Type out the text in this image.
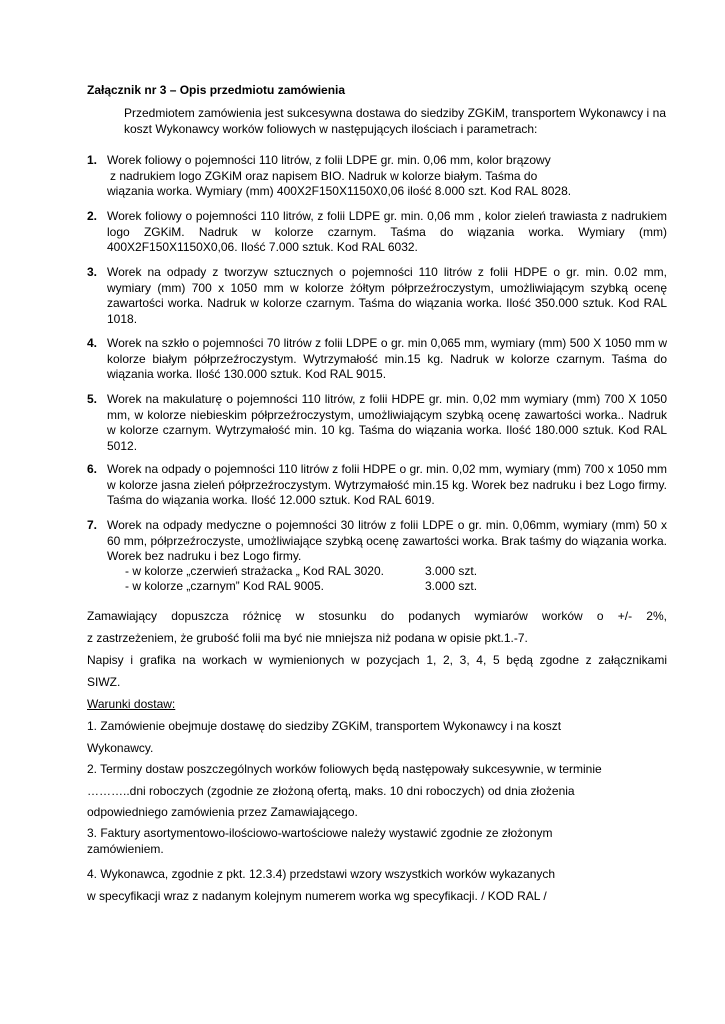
Załącznik nr 3 – Opis przedmiotu zamówienia
Przedmiotem zamówienia jest sukcesywna dostawa do siedziby ZGKiM, transportem Wykonawcy i na koszt Wykonawcy worków foliowych w następujących ilościach i parametrach:
1. Worek foliowy o pojemności 110 litrów, z folii LDPE gr. min. 0,06 mm, kolor brązowy
z nadrukiem logo ZGKiM oraz napisem BIO. Nadruk w kolorze białym. Taśma do
wiązania worka. Wymiary (mm) 400X2F150X1150X0,06 ilość 8.000 szt. Kod RAL 8028.
2. Worek foliowy o pojemności 110 litrów, z folii LDPE gr. min. 0,06 mm , kolor zieleń trawiasta z nadrukiem logo ZGKiM. Nadruk w kolorze czarnym. Taśma do wiązania worka. Wymiary (mm) 400X2F150X1150X0,06. Ilość 7.000 sztuk. Kod RAL 6032.
3. Worek na odpady z tworzyw sztucznych o pojemności 110 litrów z folii HDPE o gr. min. 0.02 mm, wymiary (mm) 700 x 1050 mm w kolorze żółtym półprzeźroczystym, umożliwiającym szybką ocenę zawartości worka. Nadruk w kolorze czarnym. Taśma do wiązania worka. Ilość 350.000 sztuk. Kod RAL 1018.
4. Worek na szkło o pojemności 70 litrów z folii LDPE o gr. min 0,065 mm, wymiary (mm) 500 X 1050 mm w kolorze białym półprzeźroczystym. Wytrzymałość min.15 kg. Nadruk w kolorze czarnym. Taśma do wiązania worka. Ilość 130.000 sztuk. Kod RAL 9015.
5. Worek na makulaturę o pojemności 110 litrów, z folii HDPE gr. min. 0,02 mm wymiary (mm) 700 X 1050 mm, w kolorze niebieskim półprzeźroczystym, umożliwiającym szybką ocenę zawartości worka.. Nadruk w kolorze czarnym. Wytrzymałość min. 10 kg. Taśma do wiązania worka. Ilość 180.000 sztuk. Kod RAL 5012.
6. Worek na odpady o pojemności 110 litrów z folii HDPE o gr. min. 0,02 mm, wymiary (mm) 700 x 1050 mm w kolorze jasna zieleń półprzeźroczystym. Wytrzymałość min.15 kg. Worek bez nadruku i bez Logo firmy. Taśma do wiązania worka. Ilość 12.000 sztuk. Kod RAL 6019.
7. Worek na odpady medyczne o pojemności 30 litrów z folii LDPE o gr. min. 0,06mm, wymiary (mm) 50 x 60 mm, półprzeźroczyste, umożliwiające szybką ocenę zawartości worka. Brak taśmy do wiązania worka. Worek bez nadruku i bez Logo firmy.
- w kolorze „czerwień strażacka „ Kod RAL 3020.	3.000 szt.
- w kolorze „czarnym” Kod RAL 9005.	3.000 szt.
Zamawiający dopuszcza różnicę w stosunku do podanych wymiarów worków o +/- 2%,
z zastrzeżeniem, że grubość folii ma być nie mniejsza niż podana w opisie pkt.1.-7.
Napisy i grafika na workach w wymienionych w pozycjach 1, 2, 3, 4, 5 będą zgodne z załącznikami
SIWZ.
Warunki dostaw:
1. Zamówienie obejmuje dostawę do siedziby ZGKiM, transportem Wykonawcy i na koszt
Wykonawcy.
2. Terminy dostaw poszczególnych worków foliowych będą następowały sukcesywnie, w terminie
………..dni roboczych (zgodnie ze złożoną ofertą, maks. 10 dni roboczych) od dnia złożenia
odpowiedniego zamówienia przez Zamawiającego.
3. Faktury asortymentowo-ilościowo-wartościowe należy wystawić zgodnie ze złożonym
zamówieniem.
4. Wykonawca, zgodnie z pkt. 12.3.4) przedstawi wzory wszystkich worków wykazanych
w specyfikacji wraz z nadanym kolejnym numerem worka wg specyfikacji. / KOD RAL /
